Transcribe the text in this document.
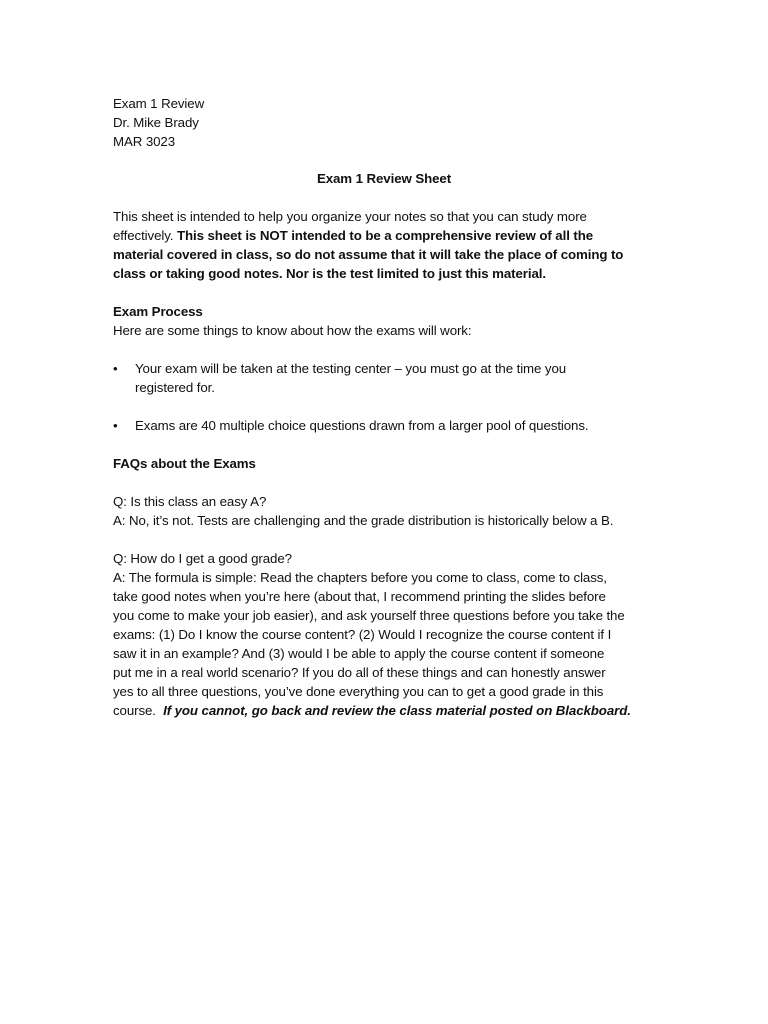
Exam 1 Review
Dr. Mike Brady
MAR 3023
Exam 1 Review Sheet
This sheet is intended to help you organize your notes so that you can study more
effectively. This sheet is NOT intended to be a comprehensive review of all the
material covered in class, so do not assume that it will take the place of coming to
class or taking good notes. Nor is the test limited to just this material.
Exam Process
Here are some things to know about how the exams will work:
•	Your exam will be taken at the testing center – you must go at the time you
registered for.
•	Exams are 40 multiple choice questions drawn from a larger pool of questions.
FAQs about the Exams
Q: Is this class an easy A?
A: No, it’s not. Tests are challenging and the grade distribution is historically below a B.
Q: How do I get a good grade?
A: The formula is simple: Read the chapters before you come to class, come to class,
take good notes when you’re here (about that, I recommend printing the slides before
you come to make your job easier), and ask yourself three questions before you take the
exams: (1) Do I know the course content? (2) Would I recognize the course content if I
saw it in an example? And (3) would I be able to apply the course content if someone
put me in a real world scenario? If you do all of these things and can honestly answer
yes to all three questions, you’ve done everything you can to get a good grade in this
course.  If you cannot, go back and review the class material posted on Blackboard.
